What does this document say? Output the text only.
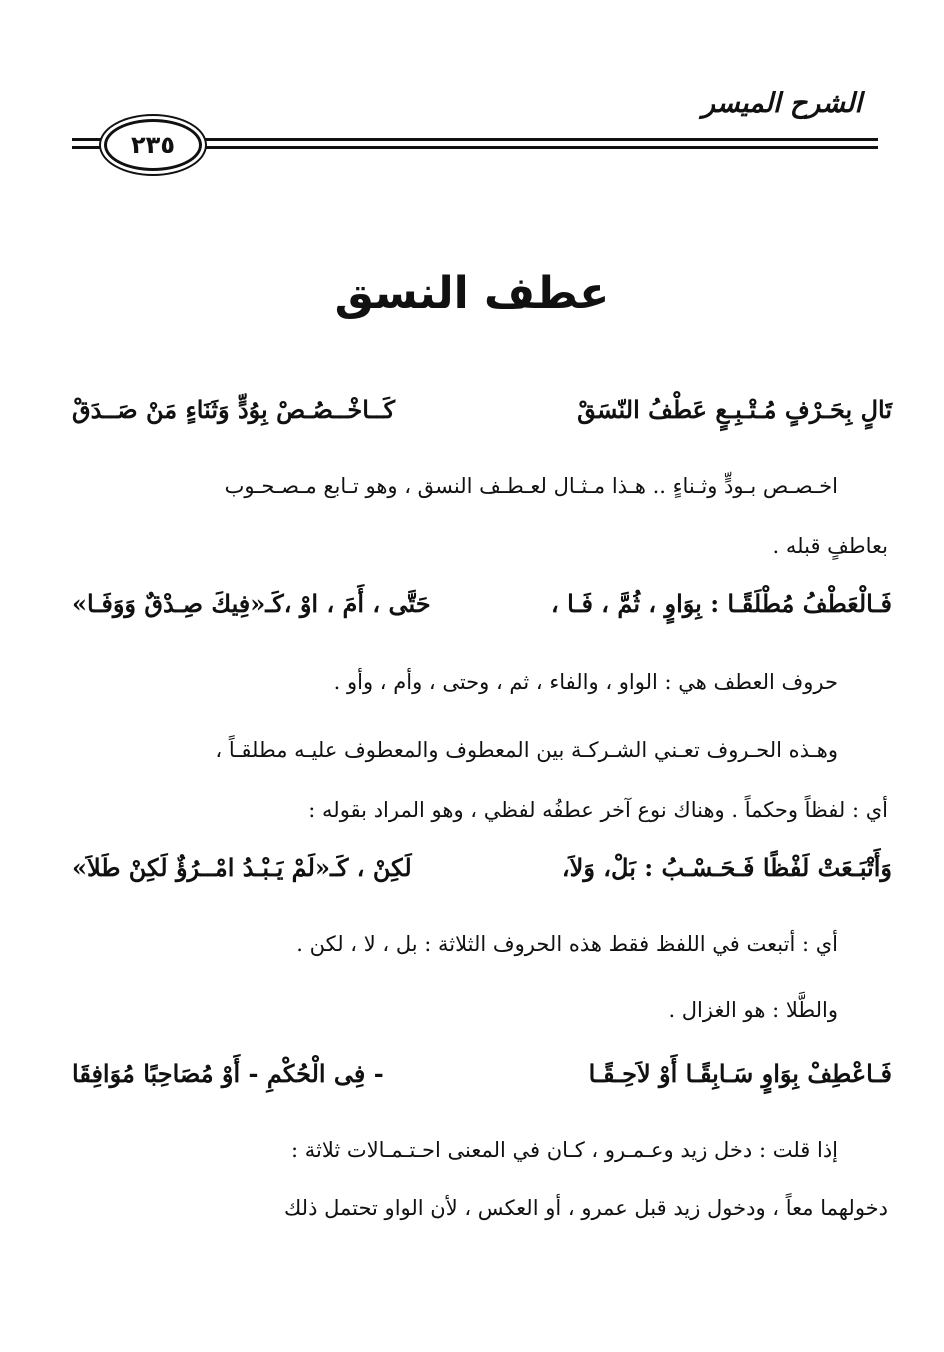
الشرح الميسر
٢٣٥
عطف النسق
تَالٍ بِحَـرْفٍ مُـتْـبِـعٍ عَطْفُ النّسَقْ
كَــاخْــصُـصْ بِوُدٍّ وَثَنَاءٍ مَنْ صَــدَقْ
اخـصـص بـودٍّ وثـناءٍ .. هـذا مـثـال لعـطـف النسق ، وهو تـابع مـصـحـوب
بعاطفٍ قبله .
فَـالْعَطْفُ مُطْلَقًـا : بِوَاوٍ ، ثُمَّ ، فَـا ،
حَتَّى ، أَمَ ، اوْ ،كَـ«فِيكَ صِـدْقٌ وَوَفَـا»
حروف العطف هي : الواو ، والفاء ، ثم ، وحتى ، وأم ، وأو .
وهـذه الحـروف تعـني الشـركـة بين المعطوف والمعطوف عليـه مطلقـاً ،
أي : لفظاً وحكماً . وهناك نوع آخر عطفُه لفظي ، وهو المراد بقوله :
وَأَتْبَـعَتْ لَفْظًا فَـحَـسْـبُ : بَلْ، وَلاَ،
لَكِنْ ، كَـ«لَمْ يَـبْـدُ امْــرُؤٌ لَكِنْ طَلاَ»
أي : أتبعت في اللفظ فقط هذه الحروف الثلاثة : بل ، لا ، لكن .
والطَّلا : هو الغزال .
فَـاعْطِفْ بِوَاوٍ سَـابِقًـا أَوْ لاَحِـقًـا
- فِى الْحُكْمِ - أَوْ مُصَاحِبًا مُوَافِقَا
إذا قلت : دخل زيد وعـمـرو ، كـان في المعنى احـتـمـالات ثلاثة :
دخولهما معاً ، ودخول زيد قبل عمرو ، أو العكس ، لأن الواو تحتمل ذلك
